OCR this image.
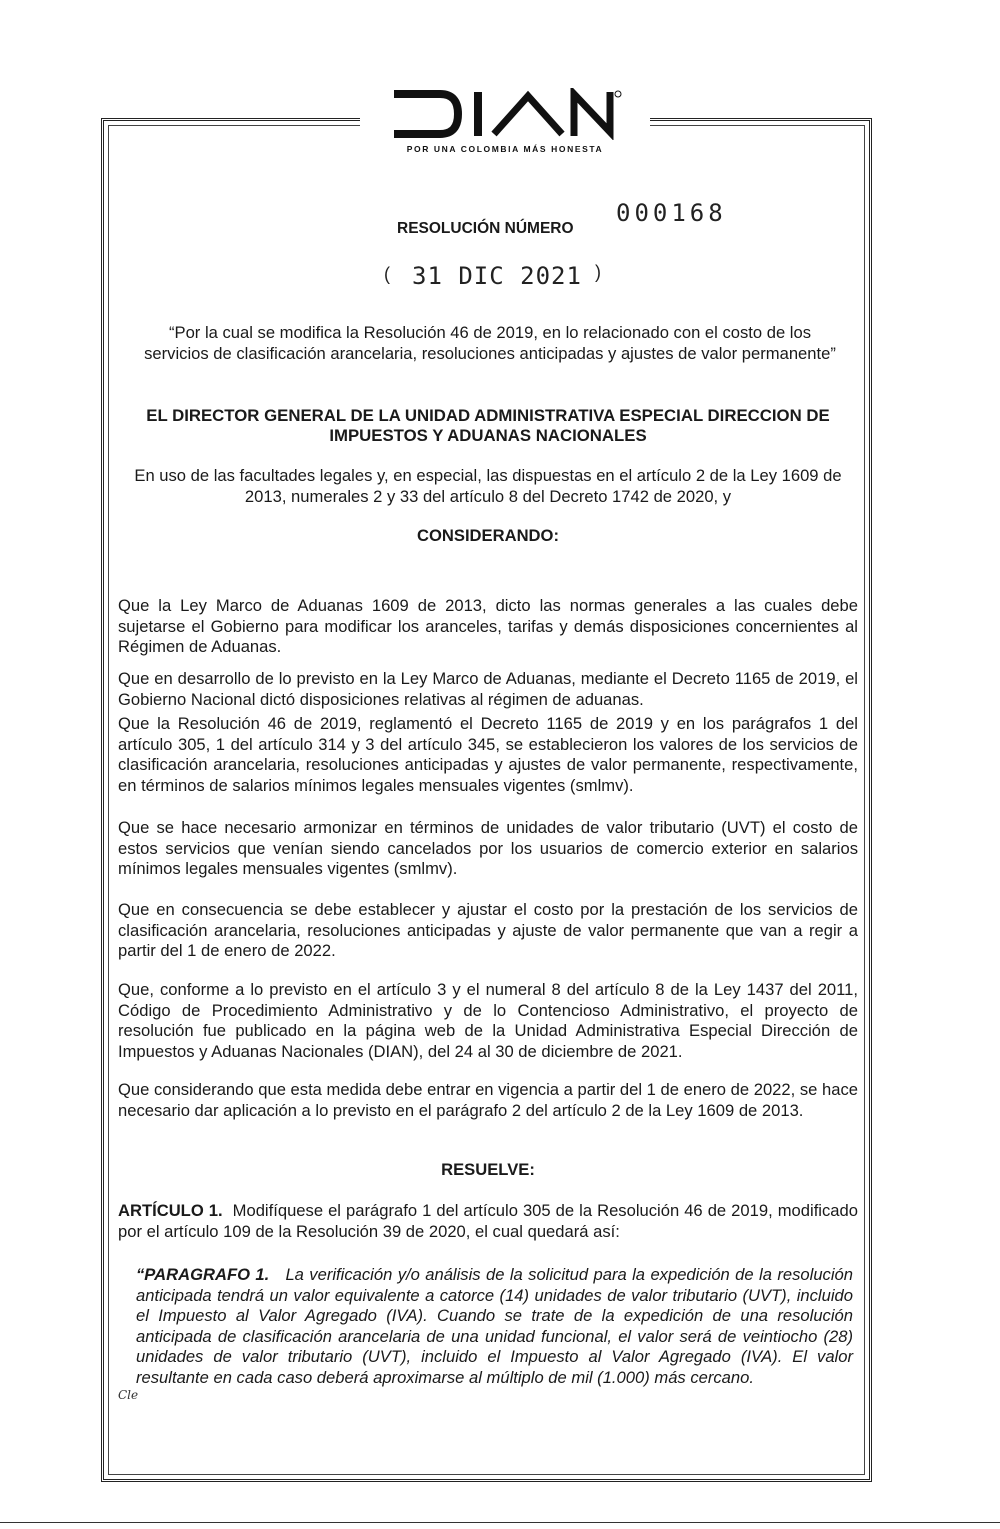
POR UNA COLOMBIA MÁS HONESTA
RESOLUCIÓN NÚMERO
000168
( 31 DIC 2021 )
“Por la cual se modifica la Resolución 46 de 2019, en lo relacionado con el costo de los servicios de clasificación arancelaria, resoluciones anticipadas y ajustes de valor permanente”
EL DIRECTOR GENERAL DE LA UNIDAD ADMINISTRATIVA ESPECIAL DIRECCION DE IMPUESTOS Y ADUANAS NACIONALES
En uso de las facultades legales y, en especial, las dispuestas en el artículo 2 de la Ley 1609 de 2013, numerales 2 y 33 del artículo 8 del Decreto 1742 de 2020, y
CONSIDERANDO:

Que la Ley Marco de Aduanas 1609 de 2013, dicto las normas generales a las cuales debe sujetarse el Gobierno para modificar los aranceles, tarifas y demás disposiciones concernientes al Régimen de Aduanas.

Que en desarrollo de lo previsto en la Ley Marco de Aduanas, mediante el Decreto 1165 de 2019, el Gobierno Nacional dictó disposiciones relativas al régimen de aduanas.

Que la Resolución 46 de 2019, reglamentó el Decreto 1165 de 2019 y en los parágrafos 1 del artículo 305, 1 del artículo 314 y 3 del artículo 345, se establecieron los valores de los servicios de clasificación arancelaria, resoluciones anticipadas y ajustes de valor permanente, respectivamente, en términos de salarios mínimos legales mensuales vigentes (smlmv).

Que se hace necesario armonizar en términos de unidades de valor tributario (UVT) el costo de estos servicios que venían siendo cancelados por los usuarios de comercio exterior en salarios mínimos legales mensuales vigentes (smlmv).

Que en consecuencia se debe establecer y ajustar el costo por la prestación de los servicios de clasificación arancelaria, resoluciones anticipadas y ajuste de valor permanente que van a regir a partir del 1 de enero de 2022.

Que, conforme a lo previsto en el artículo 3 y el numeral 8 del artículo 8 de la Ley 1437 del 2011, Código de Procedimiento Administrativo y de lo Contencioso Administrativo, el proyecto de resolución fue publicado en la página web de la Unidad Administrativa Especial Dirección de Impuestos y Aduanas Nacionales (DIAN), del 24 al 30 de diciembre de 2021.

Que considerando que esta medida debe entrar en vigencia a partir del 1 de enero de 2022, se hace necesario dar aplicación a lo previsto en el parágrafo 2 del artículo 2 de la Ley 1609 de 2013.

RESUELVE:

ARTÍCULO 1. Modifíquese el parágrafo 1 del artículo 305 de la Resolución 46 de 2019, modificado por el artículo 109 de la Resolución 39 de 2020, el cual quedará así:

“PARAGRAFO 1. La verificación y/o análisis de la solicitud para la expedición de la resolución anticipada tendrá un valor equivalente a catorce (14) unidades de valor tributario (UVT), incluido el Impuesto al Valor Agregado (IVA). Cuando se trate de la expedición de una resolución anticipada de clasificación arancelaria de una unidad funcional, el valor será de veintiocho (28) unidades de valor tributario (UVT), incluido el Impuesto al Valor Agregado (IVA). El valor resultante en cada caso deberá aproximarse al múltiplo de mil (1.000) más cercano.
Cle
